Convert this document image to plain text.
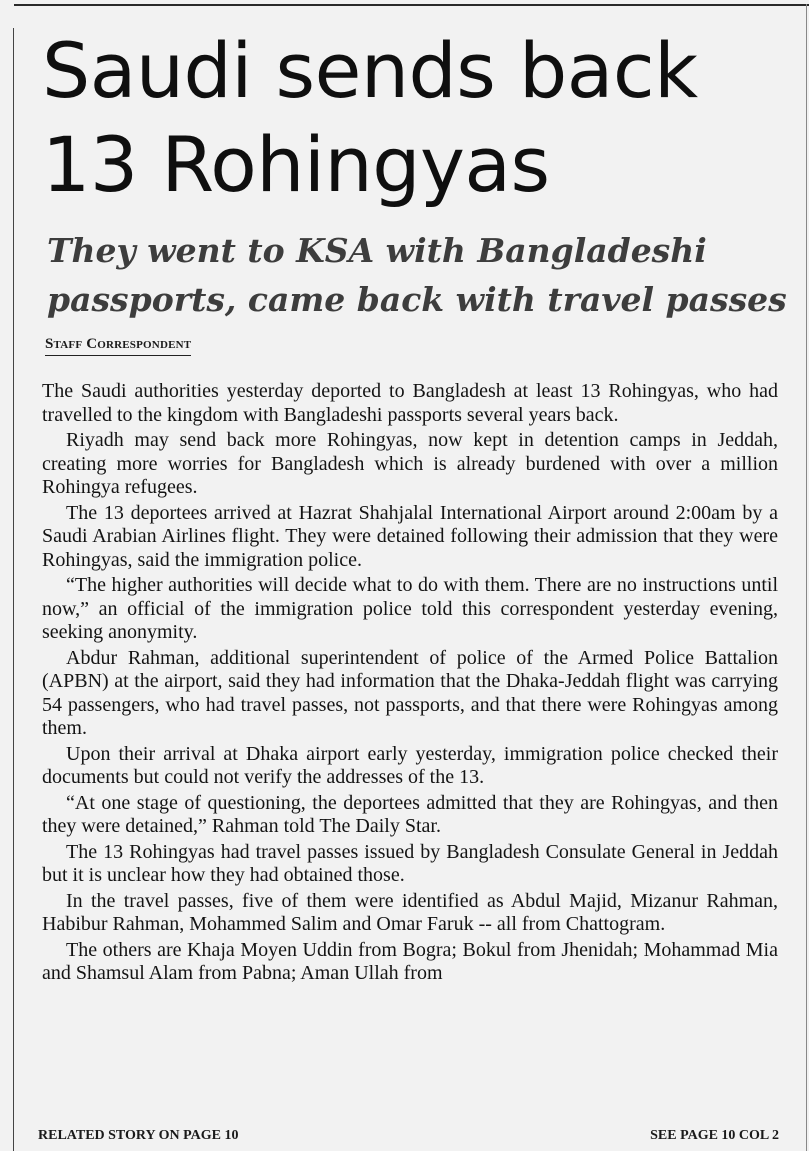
Saudi sends back 13 Rohingyas
They went to KSA with Bangladeshi passports, came back with travel passes
Staff Correspondent

The Saudi authorities yesterday deported to Bangladesh at least 13 Rohingyas, who had travelled to the kingdom with Bangladeshi passports several years back.

Riyadh may send back more Rohingyas, now kept in detention camps in Jeddah, creating more worries for Bangladesh which is already burdened with over a million Rohingya refugees.

The 13 deportees arrived at Hazrat Shahjalal International Airport around 2:00am by a Saudi Arabian Airlines flight. They were detained following their admission that they were Rohingyas, said the immigration police.

“The higher authorities will decide what to do with them. There are no instructions until now,” an official of the immigration police told this correspondent yesterday evening, seeking anonymity.

Abdur Rahman, additional superintendent of police of the Armed Police Battalion (APBN) at the airport, said they had information that the Dhaka-Jeddah flight was carrying 54 passengers, who had travel passes, not passports, and that there were Rohingyas among them.

Upon their arrival at Dhaka airport early yesterday, immigration police checked their documents but could not verify the addresses of the 13.

“At one stage of questioning, the deportees admitted that they are Rohingyas, and then they were detained,” Rahman told The Daily Star.

The 13 Rohingyas had travel passes issued by Bangladesh Consulate General in Jeddah but it is unclear how they had obtained those.

In the travel passes, five of them were identified as Abdul Majid, Mizanur Rahman, Habibur Rahman, Mohammed Salim and Omar Faruk -- all from Chattogram.

The others are Khaja Moyen Uddin from Bogra; Bokul from Jhenidah; Mohammad Mia and Shamsul Alam from Pabna; Aman Ullah from

RELATED STORY ON PAGE 10	SEE PAGE 10 COL 2
